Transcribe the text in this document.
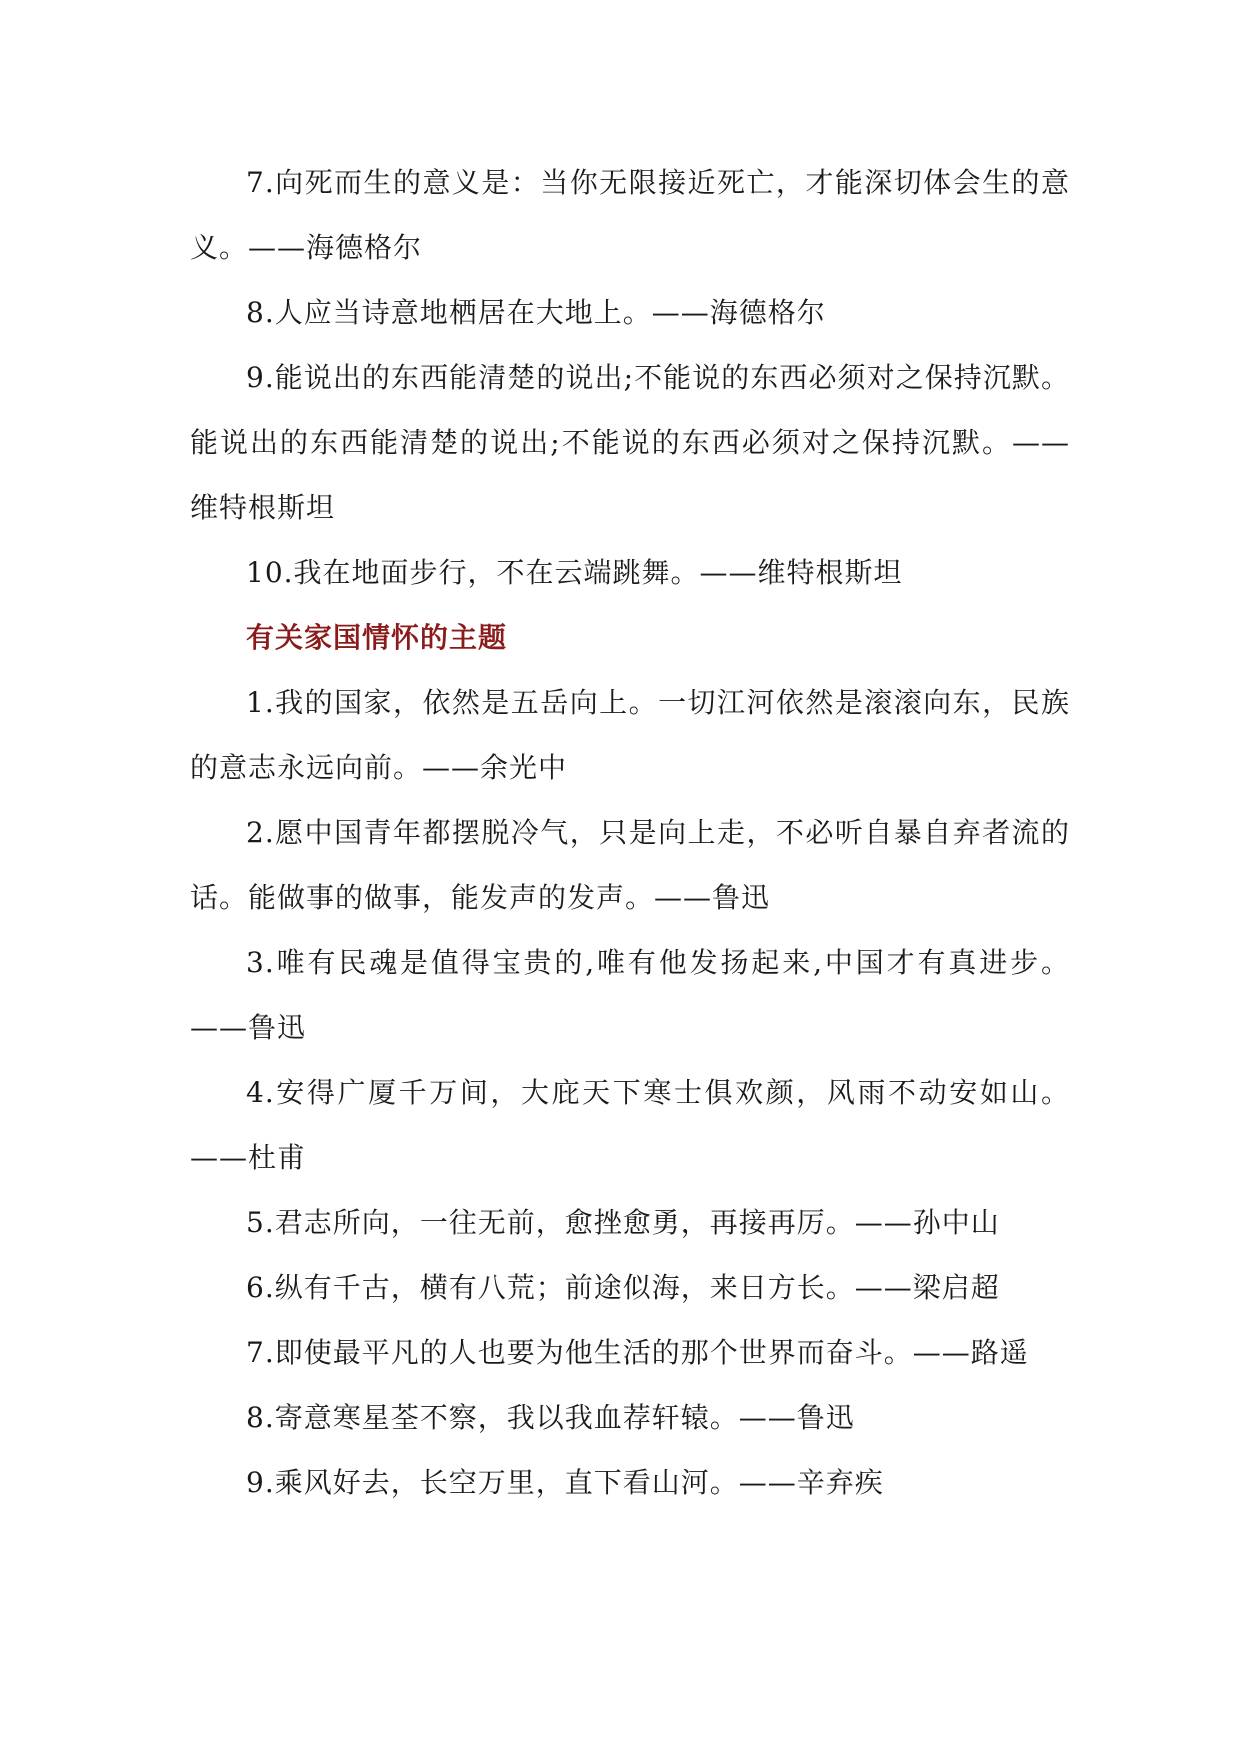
7.向死而生的意义是：当你无限接近死亡，才能深切体会生的意义。——海德格尔

8.人应当诗意地栖居在大地上。——海德格尔

9.能说出的东西能清楚的说出;不能说的东西必须对之保持沉默。能说出的东西能清楚的说出;不能说的东西必须对之保持沉默。——维特根斯坦

10.我在地面步行，不在云端跳舞。——维特根斯坦

有关家国情怀的主题

1.我的国家，依然是五岳向上。一切江河依然是滚滚向东，民族的意志永远向前。——余光中

2.愿中国青年都摆脱冷气，只是向上走，不必听自暴自弃者流的话。能做事的做事，能发声的发声。——鲁迅

3.唯有民魂是值得宝贵的,唯有他发扬起来,中国才有真进步。——鲁迅

4.安得广厦千万间，大庇天下寒士俱欢颜，风雨不动安如山。——杜甫

5.君志所向，一往无前，愈挫愈勇，再接再厉。——孙中山

6.纵有千古，横有八荒；前途似海，来日方长。——梁启超

7.即使最平凡的人也要为他生活的那个世界而奋斗。——路遥

8.寄意寒星荃不察，我以我血荐轩辕。——鲁迅

9.乘风好去，长空万里，直下看山河。——辛弃疾
